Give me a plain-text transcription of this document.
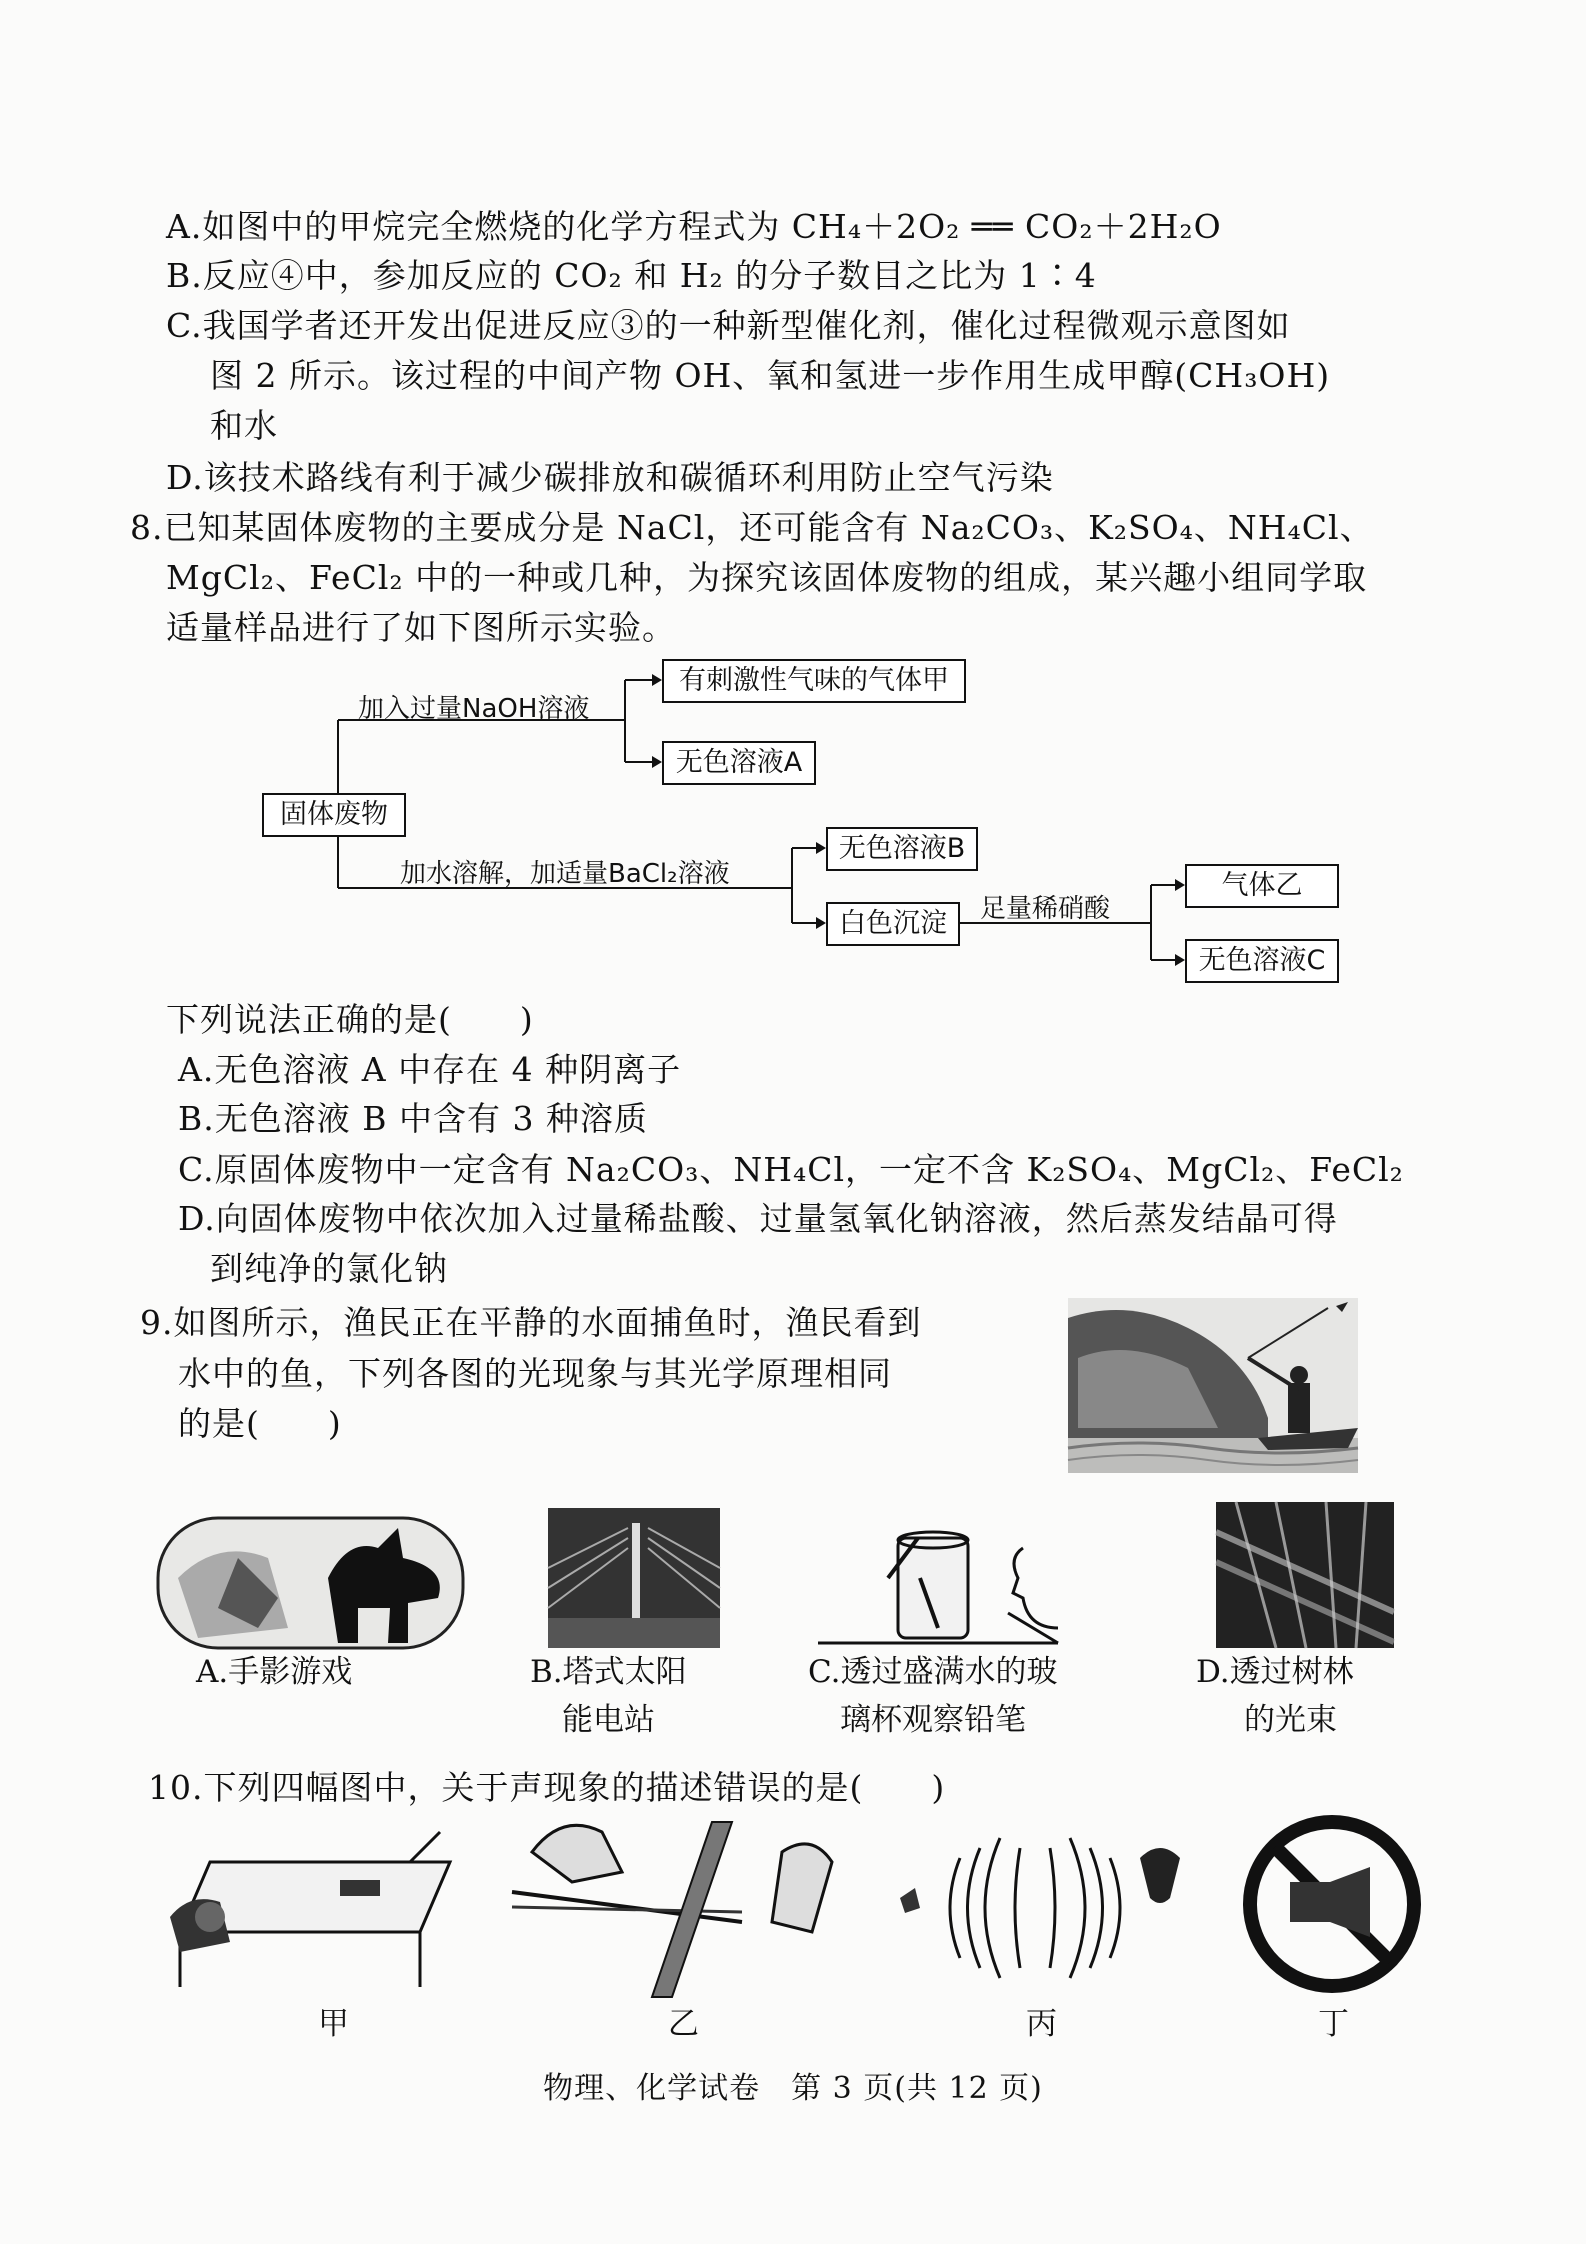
A.如图中的甲烷完全燃烧的化学方程式为 CH₄＋2O₂ ══ CO₂＋2H₂O
B.反应④中，参加反应的 CO₂ 和 H₂ 的分子数目之比为 1∶4
C.我国学者还开发出促进反应③的一种新型催化剂，催化过程微观示意图如
图 2 所示。该过程的中间产物 OH、氧和氢进一步作用生成甲醇(CH₃OH)
和水
D.该技术路线有利于减少碳排放和碳循环利用防止空气污染
8.已知某固体废物的主要成分是 NaCl，还可能含有 Na₂CO₃、K₂SO₄、NH₄Cl、
MgCl₂、FeCl₂ 中的一种或几种，为探究该固体废物的组成，某兴趣小组同学取
适量样品进行了如下图所示实验。
固体废物
加入过量NaOH溶液
有刺激性气味的气体甲
无色溶液A
加水溶解，加适量BaCl₂溶液
无色溶液B
白色沉淀	足量稀硝酸
气体乙
无色溶液C
下列说法正确的是(　　)
A.无色溶液 A 中存在 4 种阴离子
B.无色溶液 B 中含有 3 种溶质
C.原固体废物中一定含有 Na₂CO₃、NH₄Cl，一定不含 K₂SO₄、MgCl₂、FeCl₂
D.向固体废物中依次加入过量稀盐酸、过量氢氧化钠溶液，然后蒸发结晶可得
到纯净的氯化钠
9.如图所示，渔民正在平静的水面捕鱼时，渔民看到
水中的鱼，下列各图的光现象与其光学原理相同
的是(　　)
A.手影游戏	B.塔式太阳
能电站
C.透过盛满水的玻
璃杯观察铅笔
D.透过树林
的光束
10.下列四幅图中，关于声现象的描述错误的是(　　)
甲	乙	丙	丁
物理、化学试卷　第 3 页(共 12 页)
